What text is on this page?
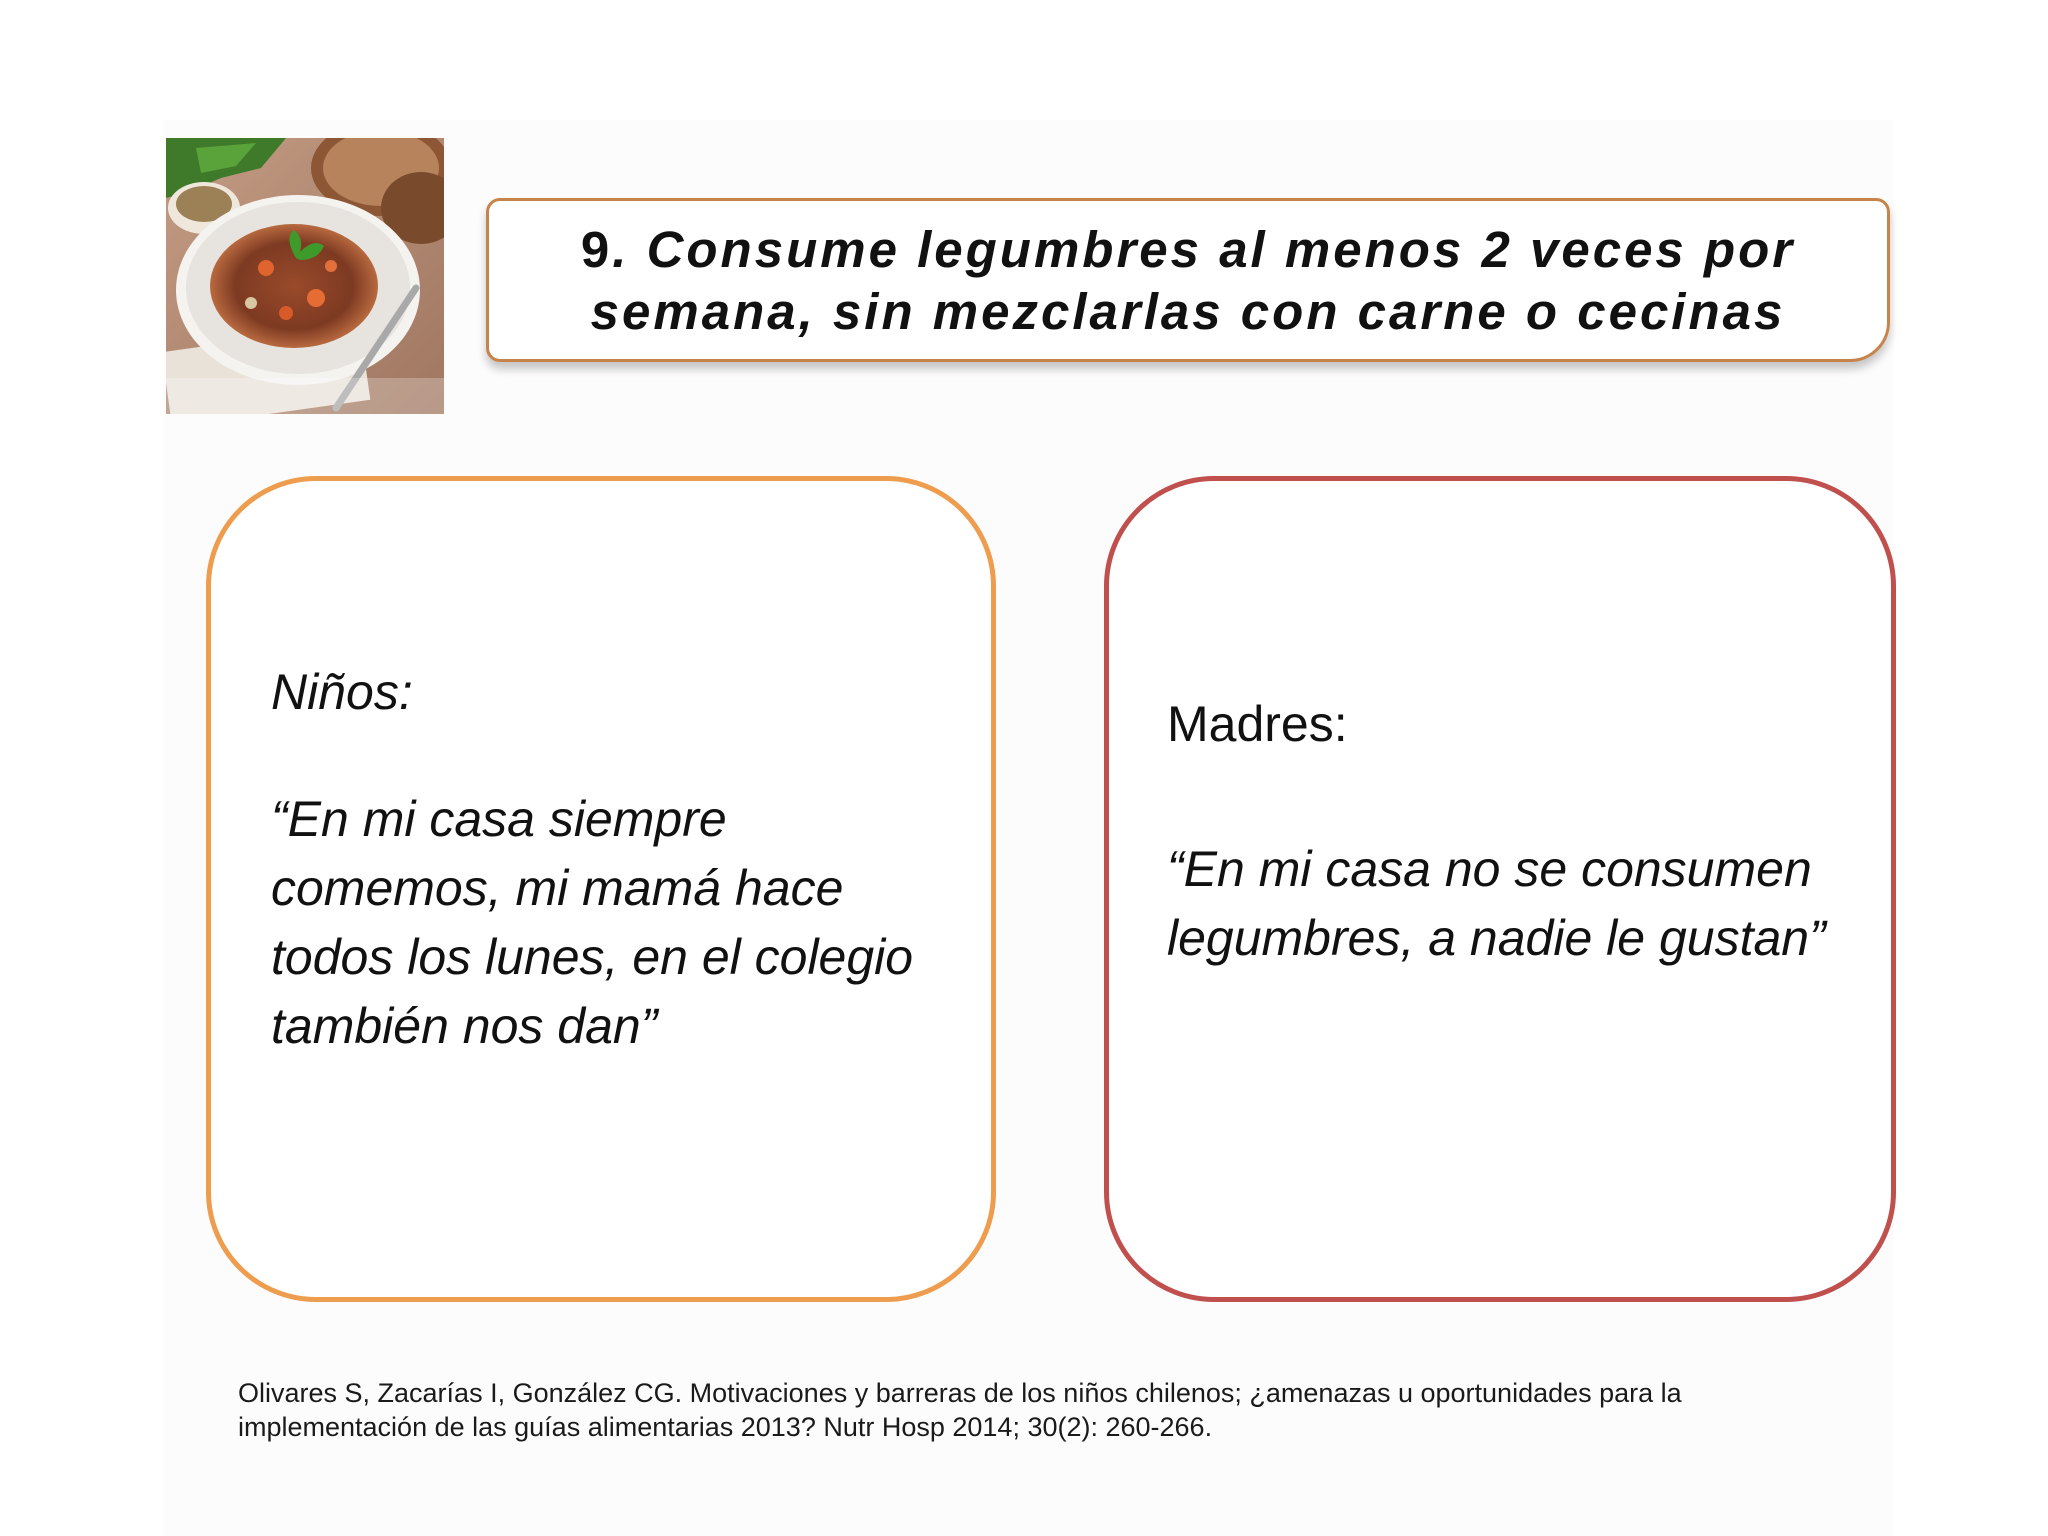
9. Consume legumbres al menos 2 veces por semana, sin mezclarlas con carne o cecinas

Niños:

“En mi casa siempre comemos, mi mamá hace todos los lunes, en el colegio también nos dan”

Madres:

“En mi casa no se consumen legumbres, a nadie le gustan”

Olivares S, Zacarías I, González CG. Motivaciones y barreras de los niños chilenos; ¿amenazas u oportunidades para la implementación de las guías alimentarias 2013? Nutr Hosp 2014; 30(2): 260-266.
